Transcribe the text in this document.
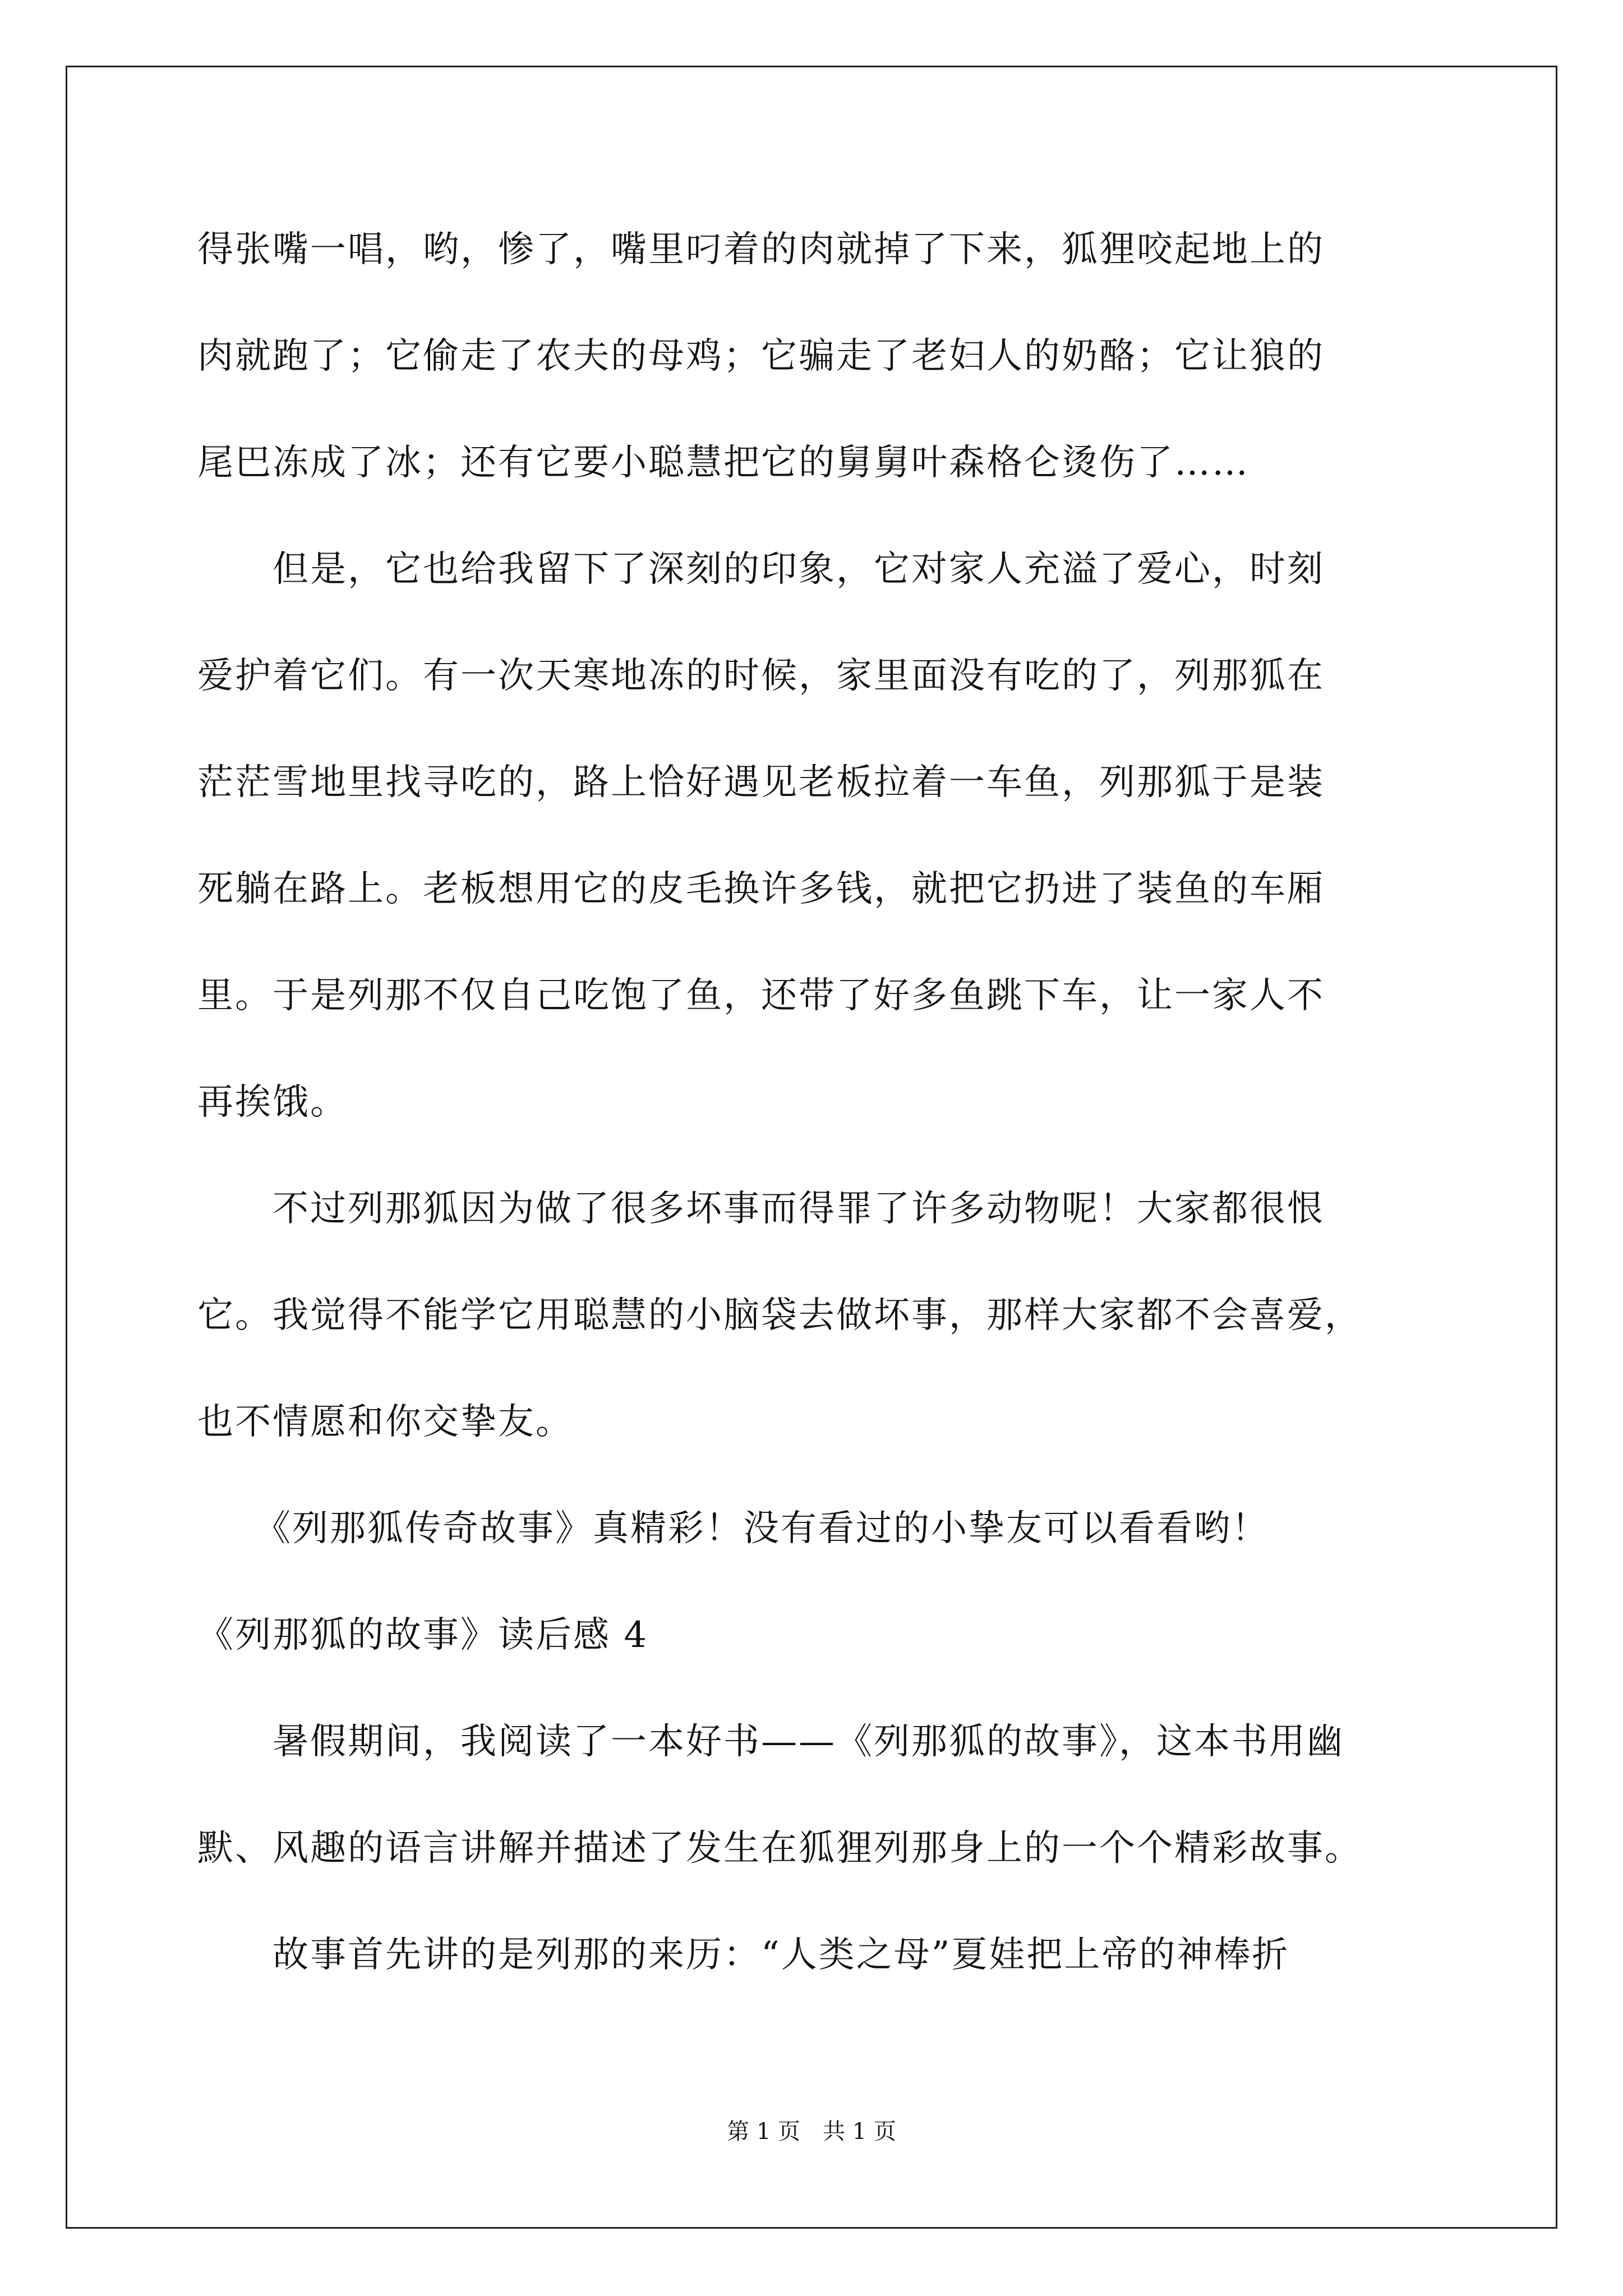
得张嘴一唱，哟，惨了，嘴里叼着的肉就掉了下来，狐狸咬起地上的
肉就跑了；它偷走了农夫的母鸡；它骗走了老妇人的奶酪；它让狼的
尾巴冻成了冰；还有它要小聪慧把它的舅舅叶森格仑烫伤了……
　　但是，它也给我留下了深刻的印象，它对家人充溢了爱心，时刻
爱护着它们。有一次天寒地冻的时候，家里面没有吃的了，列那狐在
茫茫雪地里找寻吃的，路上恰好遇见老板拉着一车鱼，列那狐于是装
死躺在路上。老板想用它的皮毛换许多钱，就把它扔进了装鱼的车厢
里。于是列那不仅自己吃饱了鱼，还带了好多鱼跳下车，让一家人不
再挨饿。
　　不过列那狐因为做了很多坏事而得罪了许多动物呢！大家都很恨
它。我觉得不能学它用聪慧的小脑袋去做坏事，那样大家都不会喜爱，
也不情愿和你交挚友。
　　《列那狐传奇故事》真精彩！没有看过的小挚友可以看看哟！
《列那狐的故事》读后感 4
　　暑假期间，我阅读了一本好书——《列那狐的故事》，这本书用幽
默、风趣的语言讲解并描述了发生在狐狸列那身上的一个个精彩故事。
　　故事首先讲的是列那的来历：“人类之母”夏娃把上帝的神棒折
第 1 页　共 1 页
